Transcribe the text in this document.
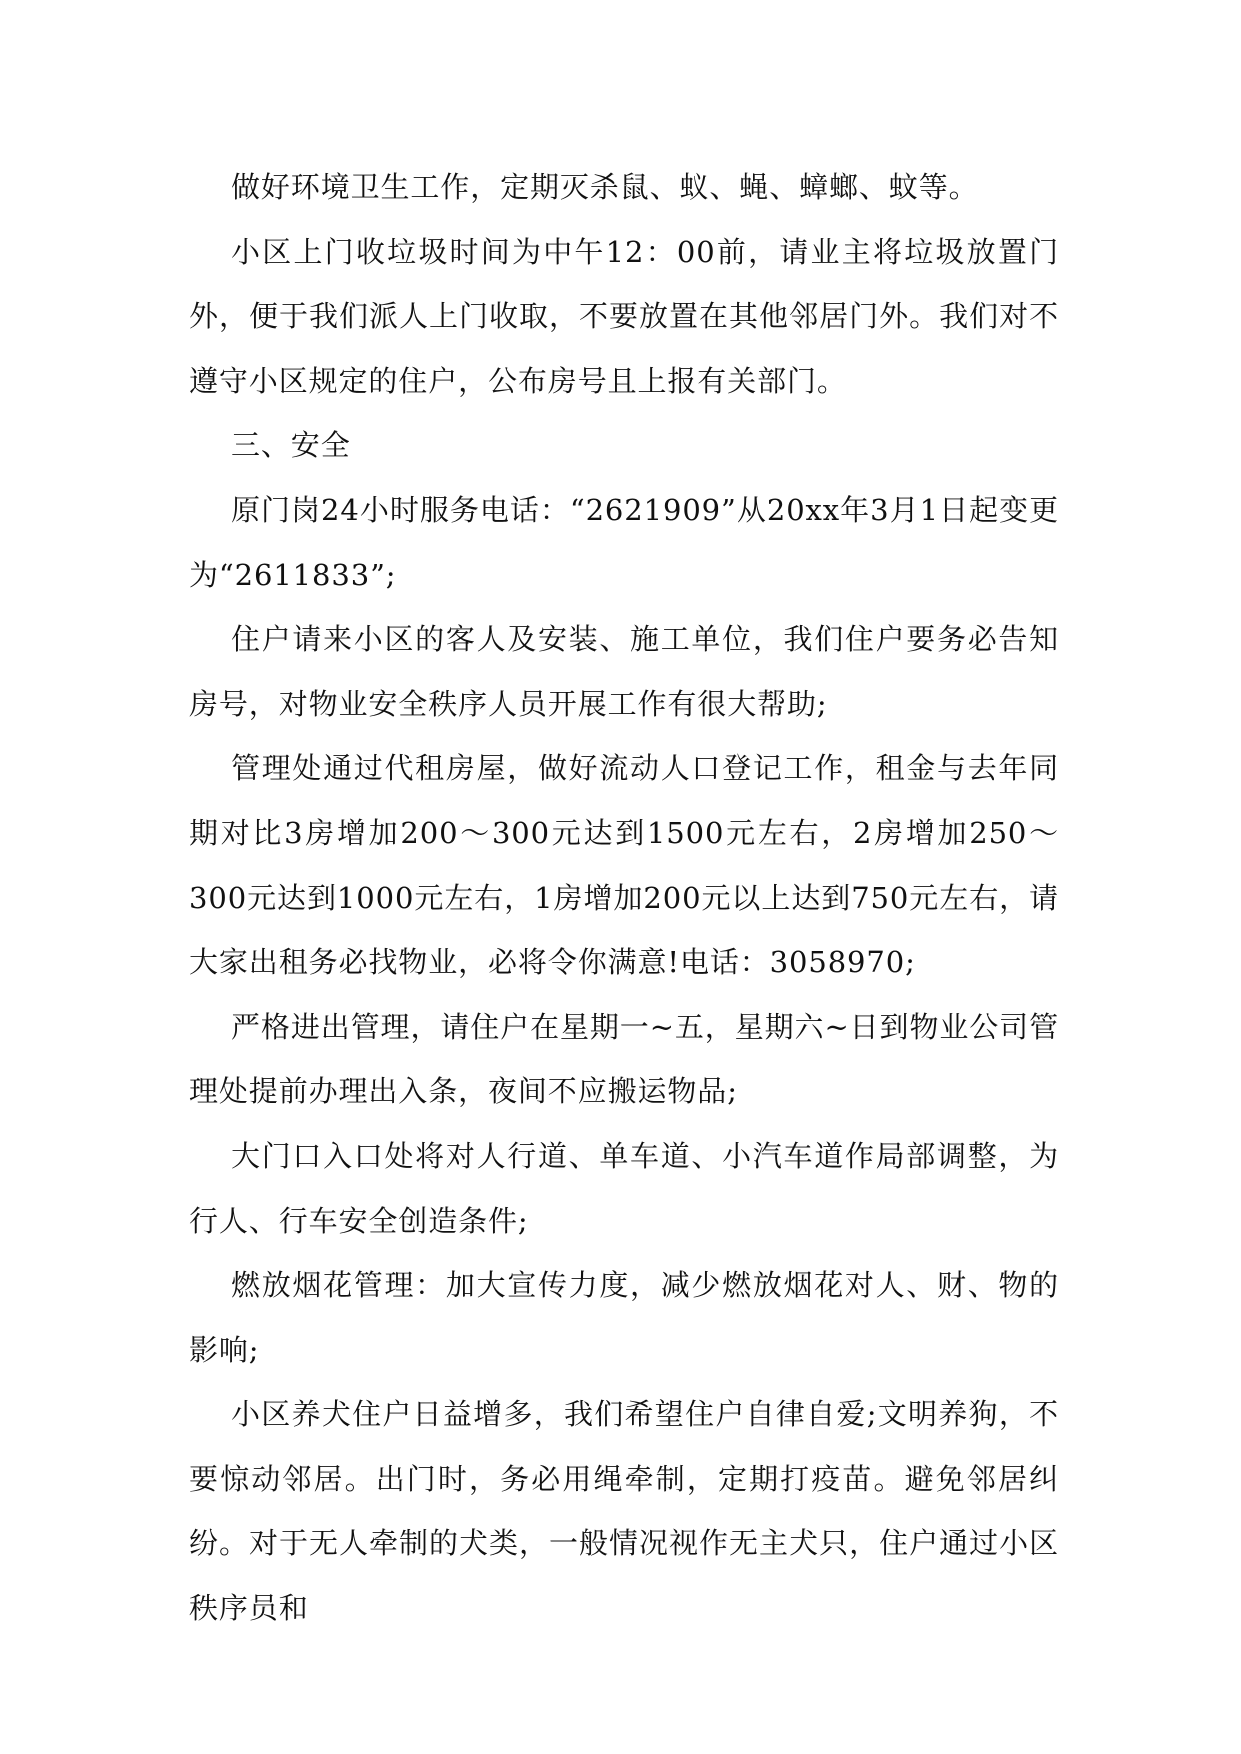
做好环境卫生工作，定期灭杀鼠、蚁、蝇、蟑螂、蚊等。

小区上门收垃圾时间为中午12：00前，请业主将垃圾放置门外，便于我们派人上门收取，不要放置在其他邻居门外。我们对不遵守小区规定的住户，公布房号且上报有关部门。

三、安全

原门岗24小时服务电话：“2621909”从20xx年3月1日起变更为“2611833”;

住户请来小区的客人及安装、施工单位，我们住户要务必告知房号，对物业安全秩序人员开展工作有很大帮助;

管理处通过代租房屋，做好流动人口登记工作，租金与去年同期对比3房增加200～300元达到1500元左右，2房增加250～300元达到1000元左右，1房增加200元以上达到750元左右，请大家出租务必找物业，必将令你满意!电话：3058970;

严格进出管理，请住户在星期一~五，星期六~日到物业公司管理处提前办理出入条，夜间不应搬运物品;

大门口入口处将对人行道、单车道、小汽车道作局部调整，为行人、行车安全创造条件;

燃放烟花管理：加大宣传力度，减少燃放烟花对人、财、物的影响;

小区养犬住户日益增多，我们希望住户自律自爱;文明养狗，不要惊动邻居。出门时，务必用绳牵制，定期打疫苗。避免邻居纠纷。对于无人牵制的犬类，一般情况视作无主犬只，住户通过小区秩序员和
